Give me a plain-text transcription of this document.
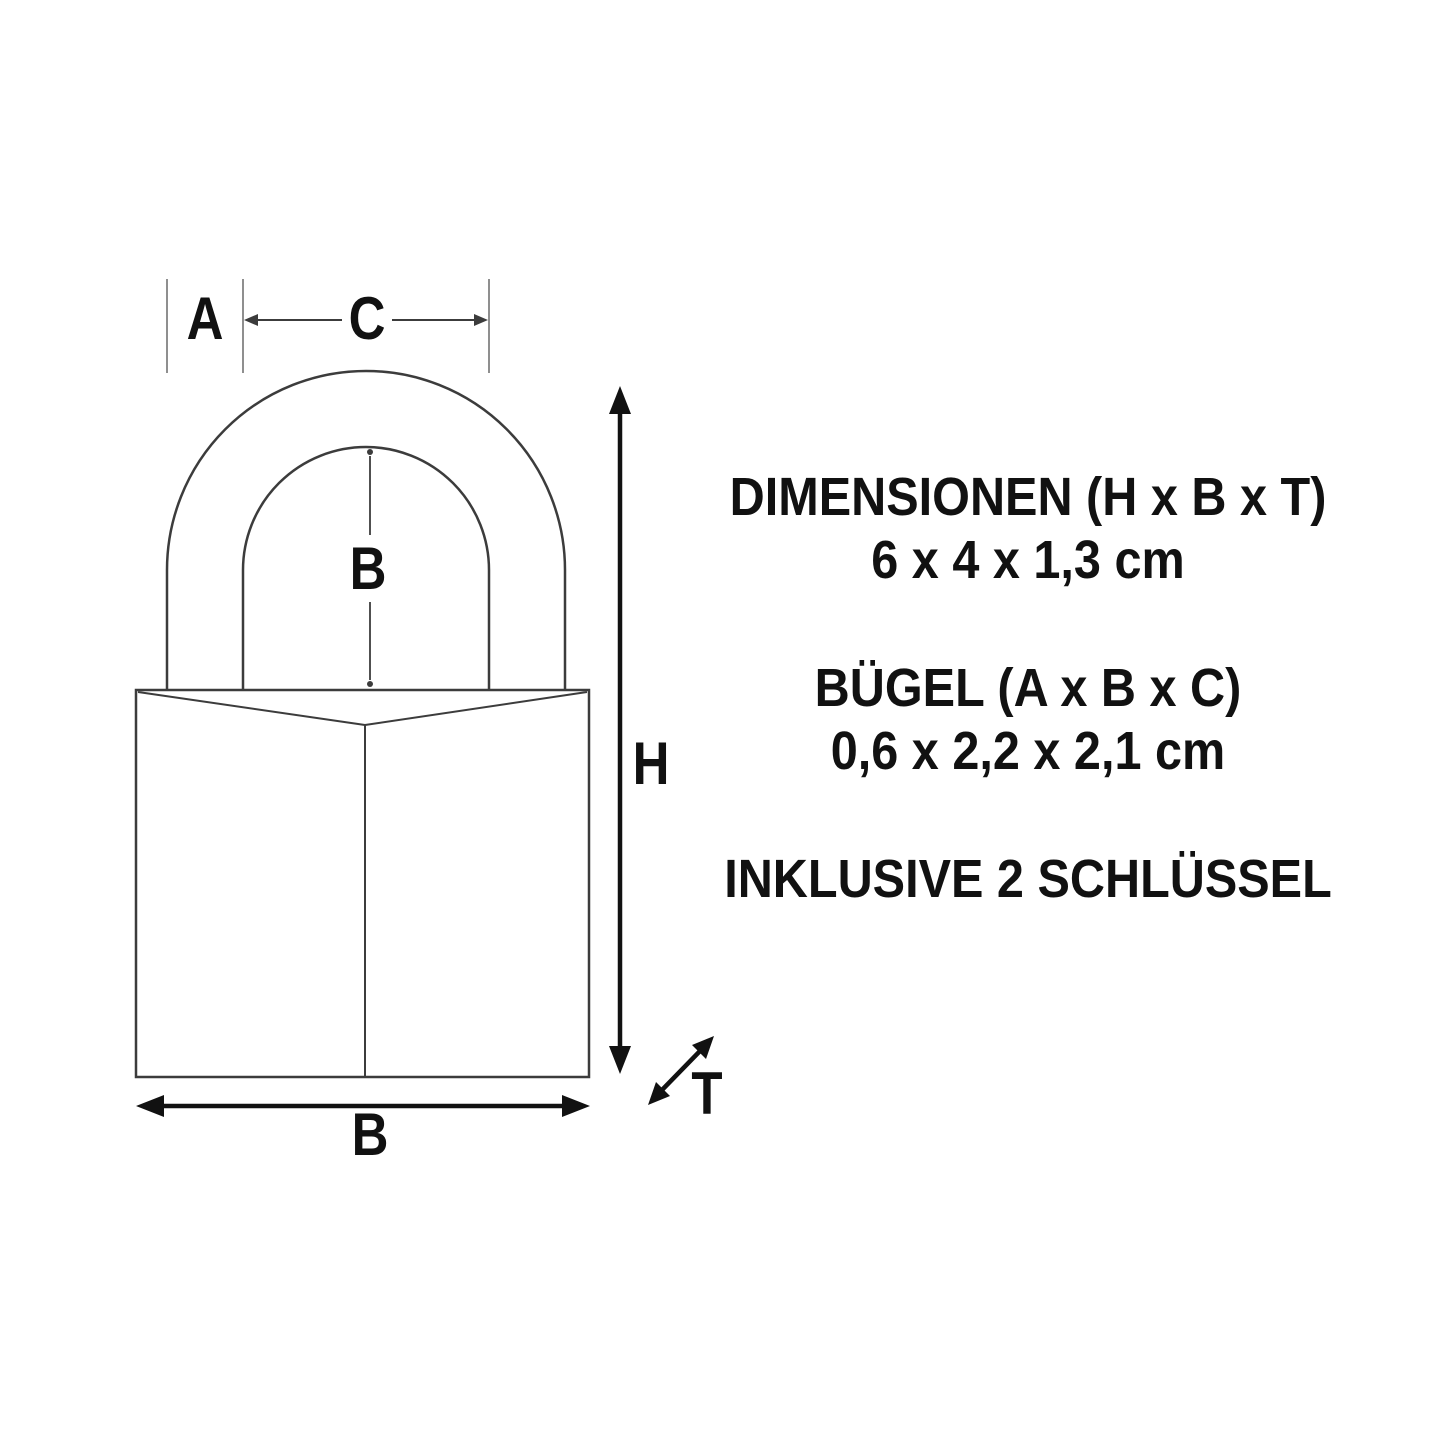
A C
B
H
B
T
DIMENSIONEN (H x B x T)
6 x 4 x 1,3 cm
BÜGEL (A x B x C)
0,6 x 2,2 x 2,1 cm
INKLUSIVE 2 SCHLÜSSEL
